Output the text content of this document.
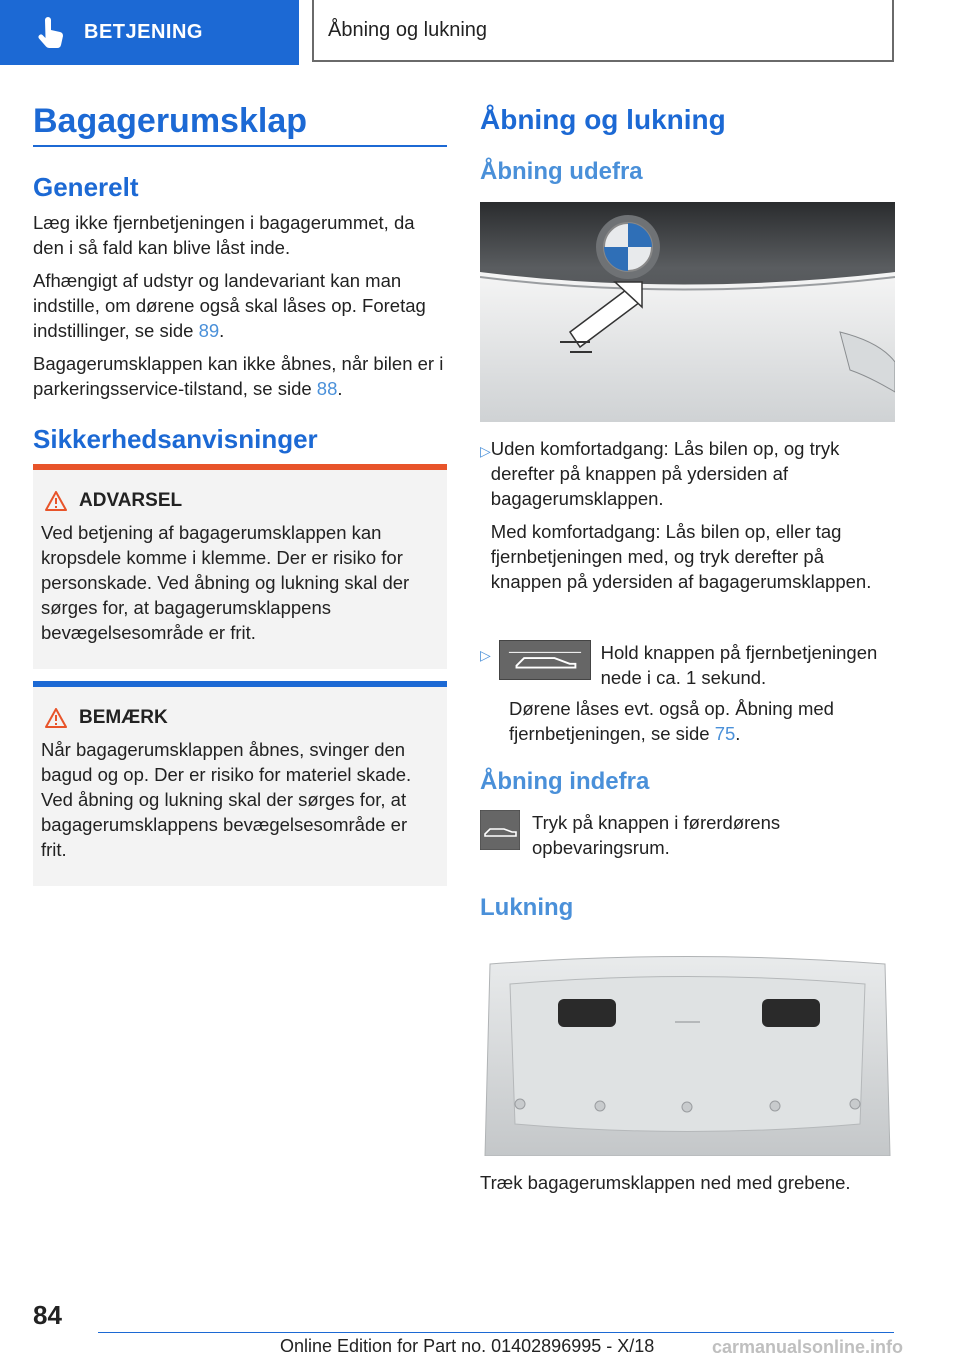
BETJENING	Åbning og lukning
Bagagerumsklap
Generelt

Læg ikke fjernbetjeningen i bagagerummet, da den i så fald kan blive låst inde.

Afhængigt af udstyr og landevariant kan man indstille, om dørene også skal låses op. Foretag indstillinger, se side 89.

Bagagerumsklappen kan ikke åbnes, når bilen er i parkeringsservice-tilstand, se side 88.

Sikkerhedsanvisninger
ADVARSEL
Ved betjening af bagagerumsklappen kan kropsdele komme i klemme. Der er risiko for personskade. Ved åbning og lukning skal der sørges for, at bagagerumsklappens bevægelsesområde er frit.
BEMÆRK
Når bagagerumsklappen åbnes, svinger den bagud og op. Der er risiko for materiel skade. Ved åbning og lukning skal der sørges for, at bagagerumsklappens bevægelsesområde er frit.
Åbning og lukning
Åbning udefra
▷ Uden komfortadgang: Lås bilen op, og tryk derefter på knappen på ydersiden af bagagerumsklappen.

Med komfortadgang: Lås bilen op, eller tag fjernbetjeningen med, og tryk derefter på knappen på ydersiden af bagagerumsklappen.

▷	Hold knappen på fjernbetjeningen nede i ca. 1 sekund.
Dørene låses evt. også op. Åbning med fjernbetjeningen, se side 75.
Åbning indefra
Tryk på knappen i førerdørens opbevaringsrum.
Lukning
Træk bagagerumsklappen ned med grebene.
84
Online Edition for Part no. 01402896995 - X/18	carmanualsonline.info
